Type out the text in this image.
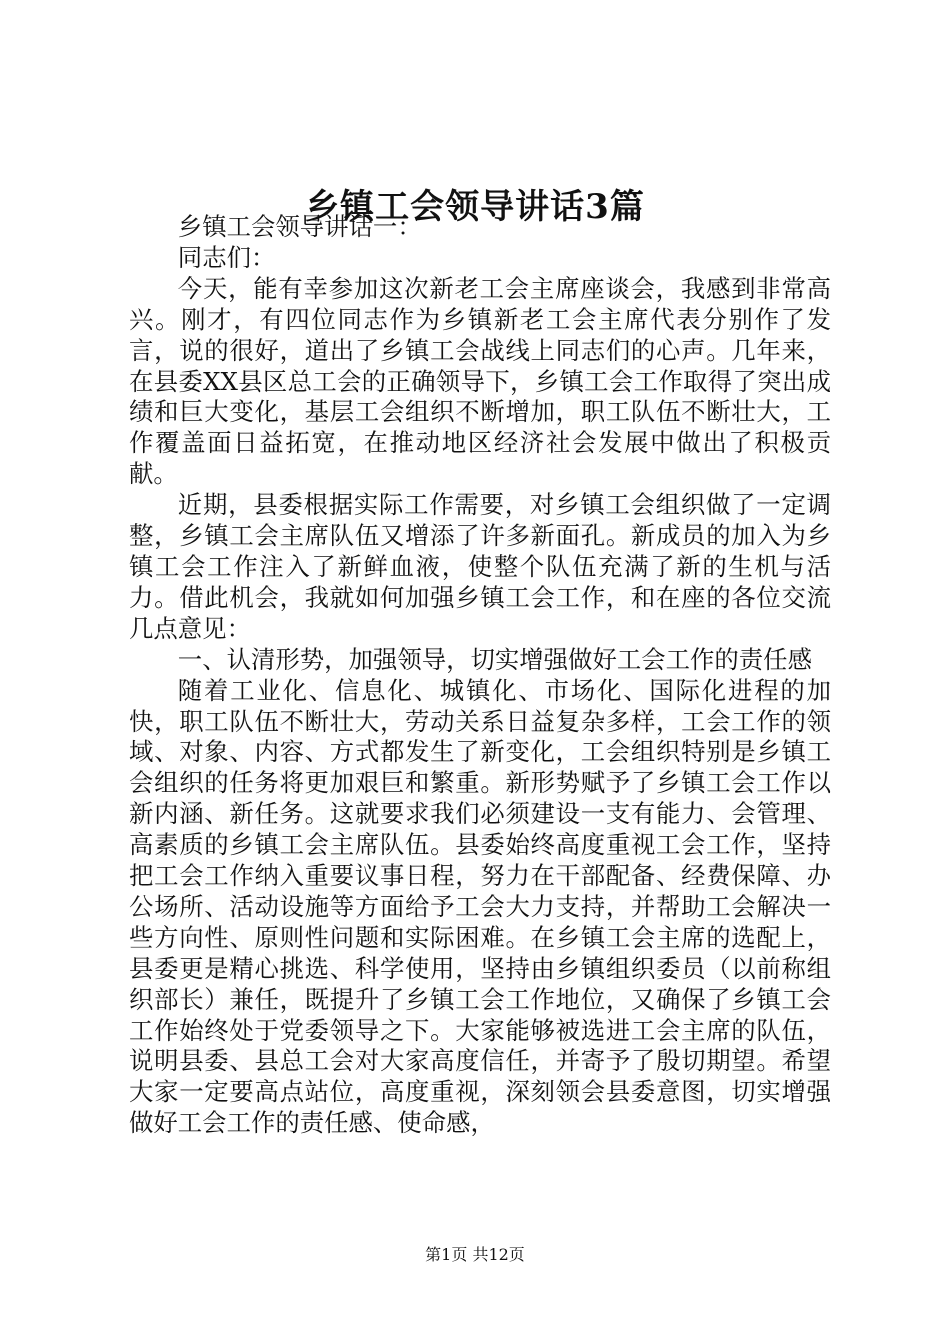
乡镇工会领导讲话3篇

乡镇工会领导讲话一：

同志们：

今天，能有幸参加这次新老工会主席座谈会，我感到非常高兴。刚才，有四位同志作为乡镇新老工会主席代表分别作了发言，说的很好，道出了乡镇工会战线上同志们的心声。几年来，在县委XX县区总工会的正确领导下，乡镇工会工作取得了突出成绩和巨大变化，基层工会组织不断增加，职工队伍不断壮大，工作覆盖面日益拓宽，在推动地区经济社会发展中做出了积极贡献。

近期，县委根据实际工作需要，对乡镇工会组织做了一定调整，乡镇工会主席队伍又增添了许多新面孔。新成员的加入为乡镇工会工作注入了新鲜血液，使整个队伍充满了新的生机与活力。借此机会，我就如何加强乡镇工会工作，和在座的各位交流几点意见：

一、认清形势，加强领导，切实增强做好工会工作的责任感

随着工业化、信息化、城镇化、市场化、国际化进程的加快，职工队伍不断壮大，劳动关系日益复杂多样，工会工作的领域、对象、内容、方式都发生了新变化，工会组织特别是乡镇工会组织的任务将更加艰巨和繁重。新形势赋予了乡镇工会工作以新内涵、新任务。这就要求我们必须建设一支有能力、会管理、高素质的乡镇工会主席队伍。县委始终高度重视工会工作，坚持把工会工作纳入重要议事日程，努力在干部配备、经费保障、办公场所、活动设施等方面给予工会大力支持，并帮助工会解决一些方向性、原则性问题和实际困难。在乡镇工会主席的选配上，县委更是精心挑选、科学使用，坚持由乡镇组织委员（以前称组织部长）兼任，既提升了乡镇工会工作地位，又确保了乡镇工会工作始终处于党委领导之下。大家能够被选进工会主席的队伍，说明县委、县总工会对大家高度信任，并寄予了殷切期望。希望大家一定要高点站位，高度重视，深刻领会县委意图，切实增强做好工会工作的责任感、使命感，

第1页 共12页
